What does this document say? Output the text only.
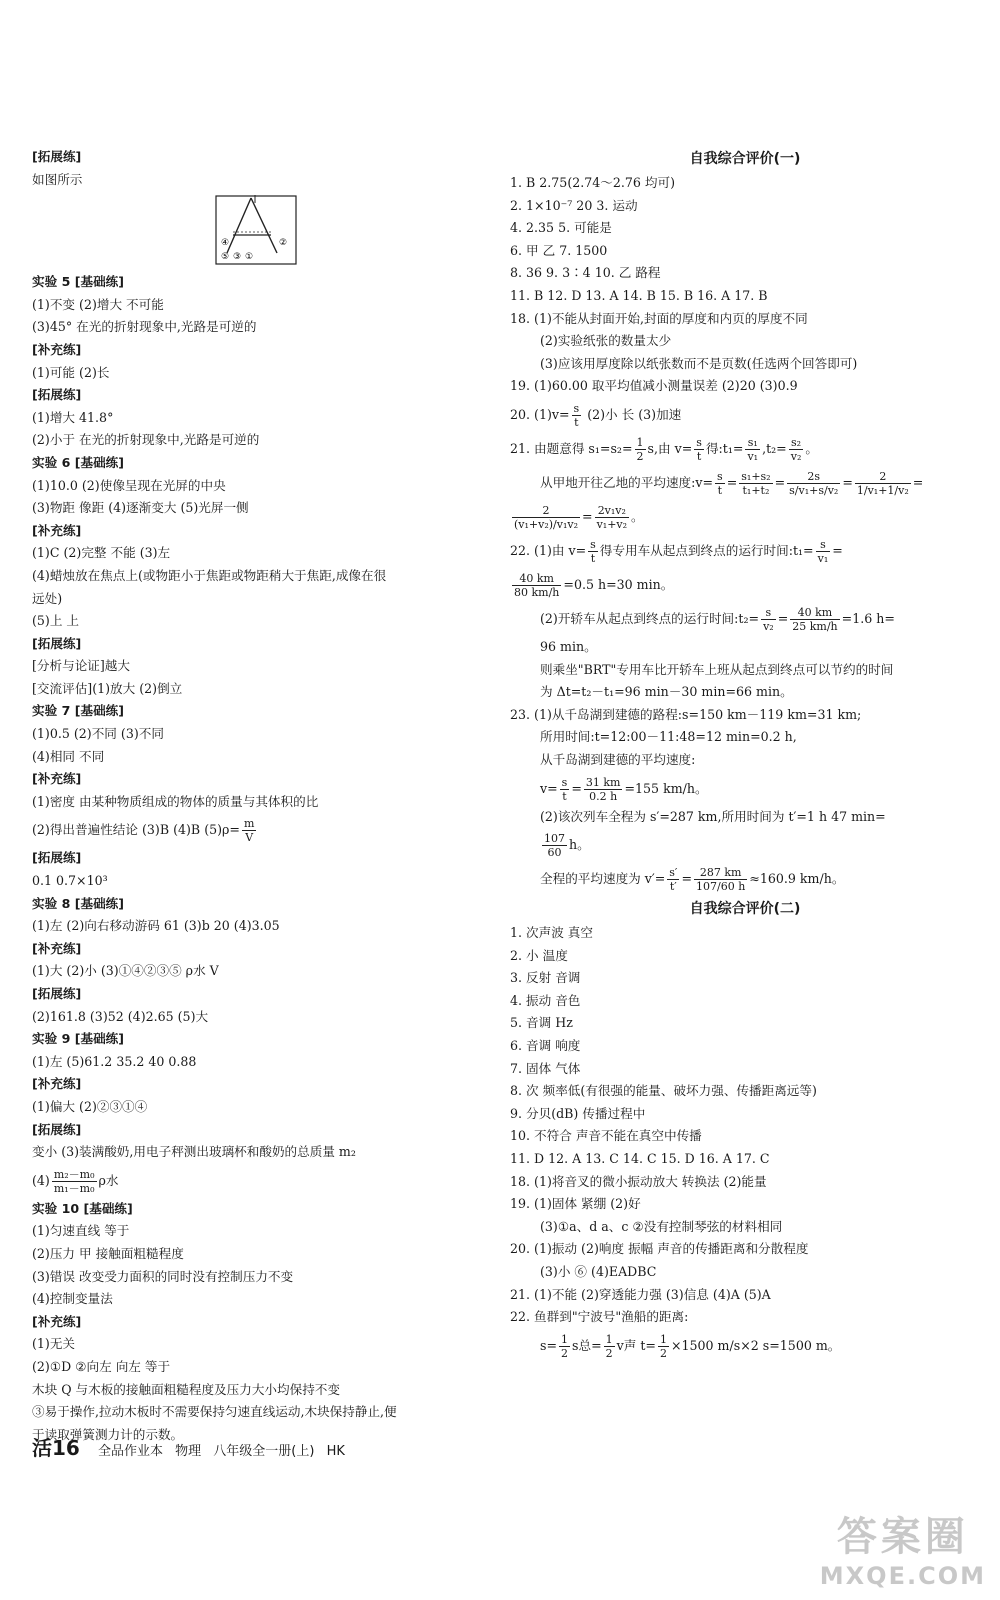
[拓展练]
如图所示
④
⑤ ③ ①
②
实验 5 [基础练]
(1)不变 (2)增大 不可能
(3)45° 在光的折射现象中,光路是可逆的
[补充练]
(1)可能 (2)长
[拓展练]
(1)增大 41.8°
(2)小于 在光的折射现象中,光路是可逆的
实验 6 [基础练]
(1)10.0 (2)使像呈现在光屏的中央
(3)物距 像距 (4)逐渐变大 (5)光屏一侧
[补充练]
(1)C (2)完整 不能 (3)左
(4)蜡烛放在焦点上(或物距小于焦距或物距稍大于焦距,成像在很
远处)
(5)上 上
[拓展练]
[分析与论证]越大
[交流评估](1)放大 (2)倒立
实验 7 [基础练]
(1)0.5 (2)不同 (3)不同
(4)相同 不同
[补充练]
(1)密度 由某种物质组成的物体的质量与其体积的比
(2)得出普遍性结论 (3)B (4)B $(5)\rho= \frac{m}{V}$
[拓展练]
0.1 0.7×10³
实验 8 [基础练]
(1)左 (2)向右移动游码 61 (3)b 20 (4)3.05
[补充练]
(1)大 (2)小 (3)①④②③⑤ ρ水 V
[拓展练]
(2)161.8 (3)52 (4)2.65 (5)大
实验 9 [基础练]
(1)左 (5)61.2 35.2 40 0.88
[补充练]
(1)偏大 (2)②③①④
[拓展练]
变小 (3)装满酸奶,用电子秤测出玻璃杯和酸奶的总质量 m₂
$(4) \frac{\text{m₂－m₀}}{\text{m₁－m₀}}$ ρ水
实验 10 [基础练]
(1)匀速直线 等于
(2)压力 甲 接触面粗糙程度
(3)错误 改变受力面积的同时没有控制压力不变
(4)控制变量法
[补充练]
(1)无关
(2)①D ②向左 向左 等于
木块 Q 与木板的接触面粗糙程度及压力大小均保持不变
③易于操作,拉动木板时不需要保持匀速直线运动,木块保持静止,便
于读取弹簧测力计的示数。
自我综合评价(一)
1. B 2.75(2.74～2.76 均可)
2. 1×10⁻⁷ 20 3. 运动
4. 2.35 5. 可能是
6. 甲 乙 7. 1500
8. 36 9. 3∶4 10. 乙 路程
11. B 12. D 13. A 14. B 15. B 16. A 17. B
18. (1)不能从封面开始,封面的厚度和内页的厚度不同
(2)实验纸张的数量太少
(3)应该用厚度除以纸张数而不是页数(任选两个回答即可)
19. (1)60.00 取平均值减小测量误差 (2)20 (3)0.9
20. $(1)v= \frac{s}{t} (2)$小 长 (3)加速
21. 由题意得 $s_1=s_2= \frac{1}{2} s$,由 $v= \frac{s}{t}$ 得:t₁= $\frac{\text{s₁}}{\text{v₁}} ,t_2= \frac{\text{s₂}}{\text{v₂}}$ 。
从甲地开往乙地的平均速度:v= $\frac{s}{t} = \frac{\text{s₁+s₂}}{\text{t₁+t₂}} = \frac{2s}{\text{s/v₁+s/v₂}} = \frac{2}{\text{1/v₁+1/v₂}}$ =
$\frac{2}{\text{(v₁+v₂)/v₁v₂}} = \frac{\text{2v₁v₂}}{\text{v₁+v₂}}$ 。
22. (1)由 $v= \frac{s}{t}$ 得专用车从起点到终点的运行时间:t₁= $\frac{s}{\text{v₁}}$ =
$\frac{40 km}{80 km/h} =0.5$ h=30 min。
(2)开轿车从起点到终点的运行时间:t₂= $\frac{s}{\text{v₂}} = \frac{40 km}{25 km/h} =1.6$ h=
96 min。
则乘坐"BRT"专用车比开轿车上班从起点到终点可以节约的时间
为 Δt=t₂－t₁=96 min－30 min=66 min。
23. (1)从千岛湖到建德的路程:s=150 km－119 km=31 km;
所用时间:t=12:00－11:48=12 min=0.2 h,
从千岛湖到建德的平均速度:
$v= \frac{s}{t} = \frac{31 km}{0.2 h} =155$ km/h。
(2)该次列车全程为 s′=287 km,所用时间为 t′=1 h 47 min=
$\frac{107}{60}$ h。
全程的平均速度为 $v'= \frac{s'}{t'} = \frac{287 km}{107/60 h} \approx 160.9$ km/h。
自我综合评价(二)
1. 次声波 真空
2. 小 温度
3. 反射 音调
4. 振动 音色
5. 音调 Hz
6. 音调 响度
7. 固体 气体
8. 次 频率低(有很强的能量、破坏力强、传播距离远等)
9. 分贝(dB) 传播过程中
10. 不符合 声音不能在真空中传播
11. D 12. A 13. C 14. C 15. D 16. A 17. C
18. (1)将音叉的微小振动放大 转换法 (2)能量
19. (1)固体 紧绷 (2)好
(3)①a、d a、c ②没有控制琴弦的材料相同
20. (1)振动 (2)响度 振幅 声音的传播距离和分散程度
(3)小 ⑥ (4)EADBC
21. (1)不能 (2)穿透能力强 (3)信息 (4)A (5)A
22. 鱼群到"宁波号"渔船的距离:
$s= \frac{1}{2}$ s总= $\frac{1}{2}$ v声 $t= \frac{1}{2} \times 1500$ m/s×2 s=1500 m。
活16 全品作业本 物理 八年级全一册(上) HK
答案圈
MXQE.COM
